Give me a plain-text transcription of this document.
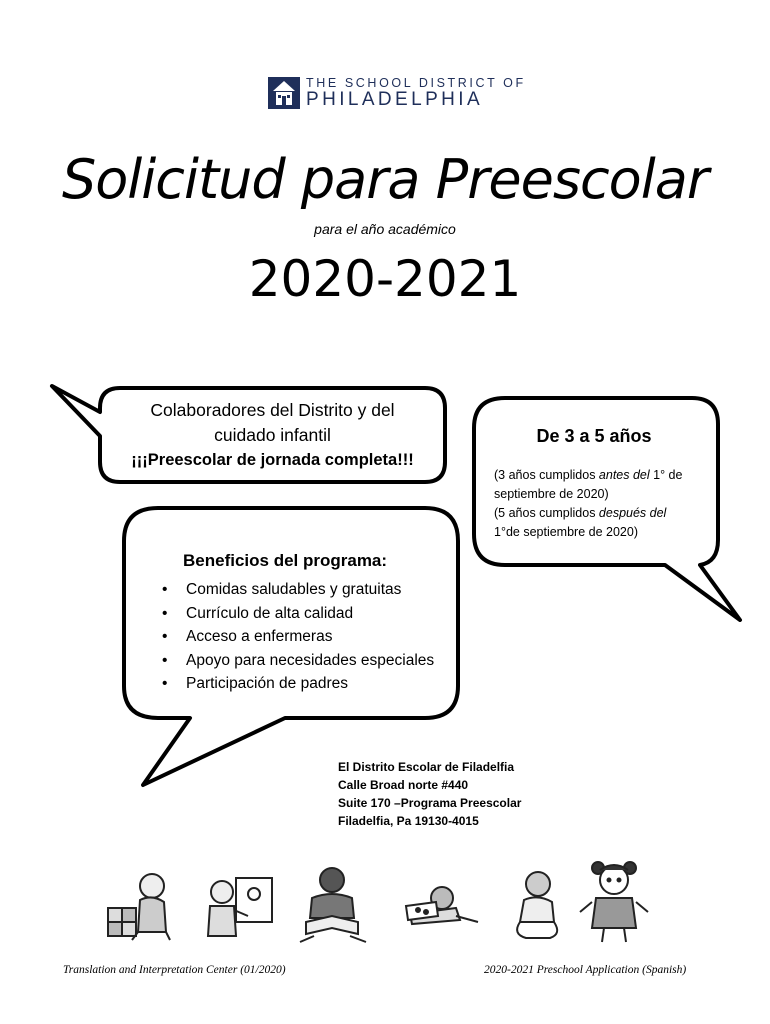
THE SCHOOL DISTRICT OF
PHILADELPHIA
Solicitud para Preescolar
para el año académico
2020-2021
Colaboradores del Distrito y del
cuidado infantil
¡¡¡Preescolar de jornada completa!!!
De 3 a 5 años
(3 años cumplidos antes del 1° de
septiembre de 2020)
(5 años cumplidos después del
1°de septiembre de 2020)
Beneficios del programa:
• Comidas saludables y gratuitas
• Currículo de alta calidad
• Acceso a enfermeras
• Apoyo para necesidades especiales
• Participación de padres
El Distrito Escolar de Filadelfia
Calle Broad norte #440
Suite 170 –Programa Preescolar
Filadelfia, Pa 19130-4015
Translation and Interpretation Center (01/2020)	2020-2021 Preschool Application (Spanish)
